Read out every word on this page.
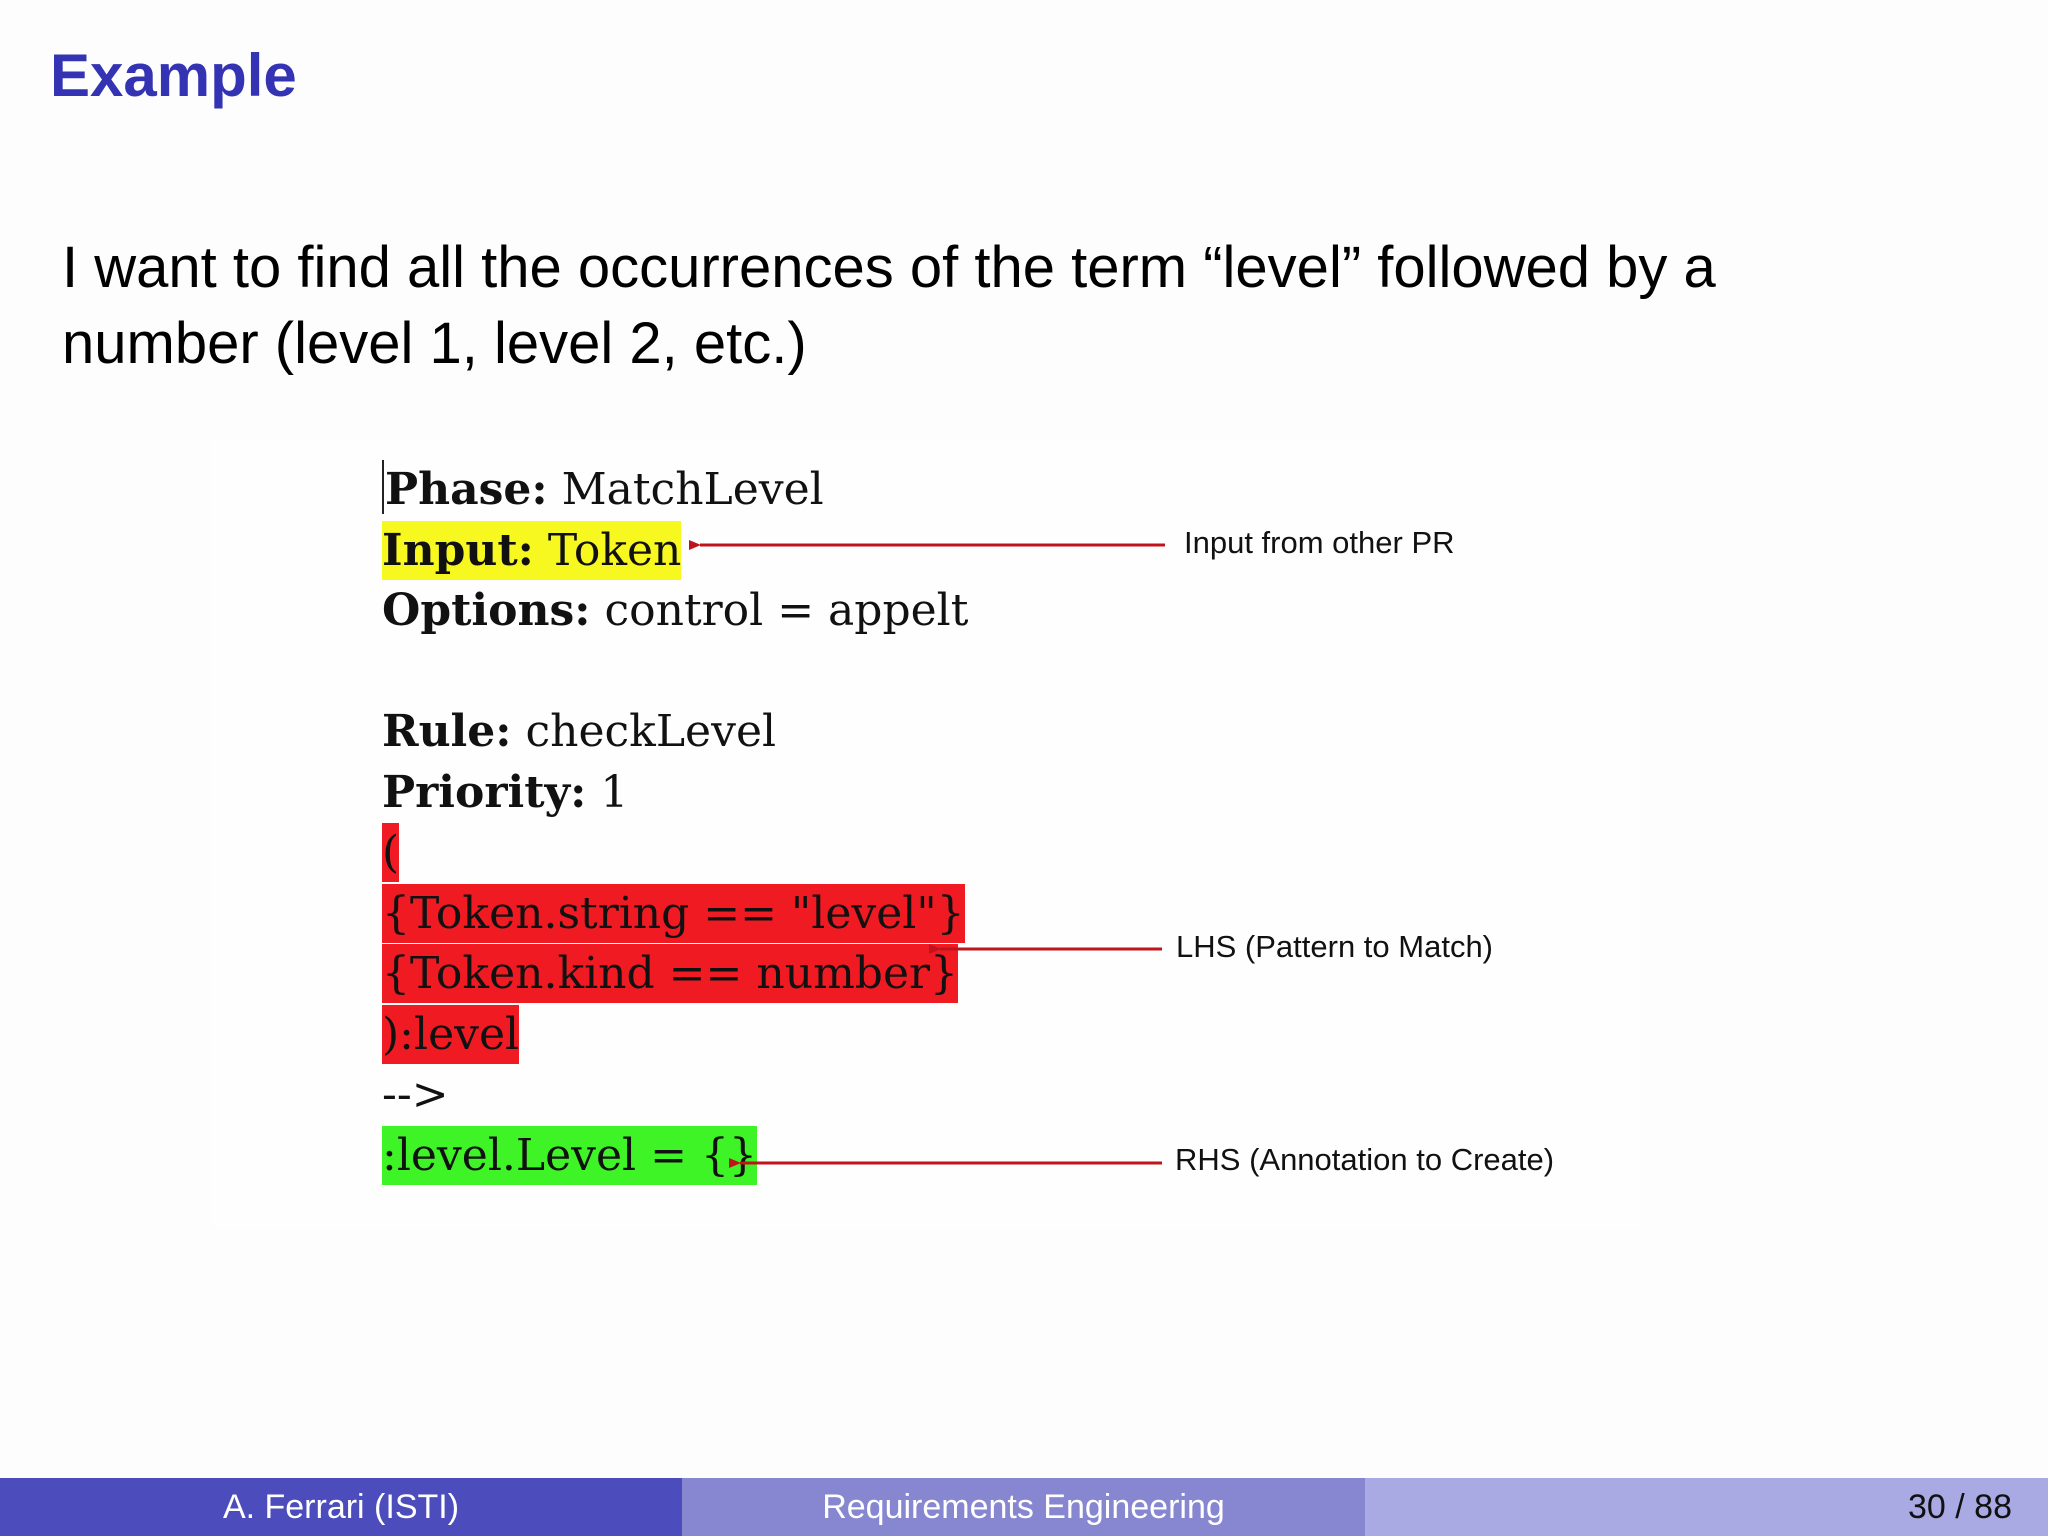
Example
I want to find all the occurrences of the term “level” followed by a
number (level 1, level 2, etc.)
Phase: MatchLevel
Input: Token
Options: control = appelt

Rule: checkLevel
Priority: 1
(
{Token.string == "level"}
{Token.kind == number}
):level
-->
:level.Level = {}
Input from other PR
LHS (Pattern to Match)
RHS (Annotation to Create)
A. Ferrari (ISTI)	Requirements Engineering	30 / 88
